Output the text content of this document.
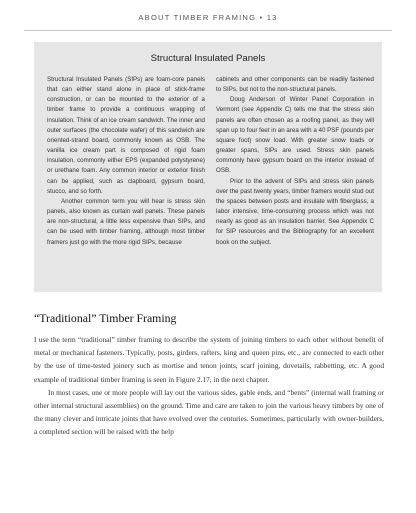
ABOUT TIMBER FRAMING • 13
Structural Insulated Panels

Structural Insulated Panels (SIPs) are foam-core panels that can either stand alone in place of stick-frame construction, or can be mounted to the exterior of a timber frame to provide a continuous wrapping of insulation. Think of an ice cream sandwich. The inner and outer surfaces (the chocolate wafer) of this sandwich are oriented-strand board, commonly known as OSB. The vanilla ice cream part is composed of rigid foam insulation, commonly either EPS (expanded polystyrene) or urethane foam. Any common interior or exterior finish can be applied, such as clapboard, gypsum board, stucco, and so forth.

Another common term you will hear is stress skin panels, also known as curtain wall panels. These panels are non-structural, a little less expensive than SIPs, and can be used with timber framing, although most timber framers just go with the more rigid SIPs, because

cabinets and other components can be readily fastened to SIPs, but not to the non-structural panels.

Doug Anderson of Winter Panel Corporation in Vermont (see Appendix C) tells me that the stress skin panels are often chosen as a roofing panel, as they will span up to four feet in an area with a 40 PSF (pounds per square foot) snow load. With greater snow loads or greater spans, SIPs are used. Stress skin panels commonly have gypsum board on the interior instead of OSB.

Prior to the advent of SIPs and stress skin panels over the past twenty years, timber framers would stud out the spaces between posts and insulate with fiberglass, a labor intensive, time-consuming process which was not nearly as good as an insulation barrier. See Appendix C for SIP resources and the Bibliography for an excellent book on the subject.

“Traditional” Timber Framing

I use the term “traditional” timber framing to describe the system of joining timbers to each other without benefit of metal or mechanical fasteners. Typically, posts, girders, rafters, king and queen pins, etc., are connected to each other by the use of time-tested joinery such as mortise and tenon joints, scarf joining, dovetails, rabbetting, etc. A good example of traditional timber framing is seen in Figure 2.17, in the next chapter.

In most cases, one or more people will lay out the various sides, gable ends, and “bents” (internal wall framing or other internal structural assemblies) on the ground. Time and care are taken to join the various heavy timbers by one of the many clever and intricate joints that have evolved over the centuries. Sometimes, particularly with owner-builders, a completed section will be raised with the help
